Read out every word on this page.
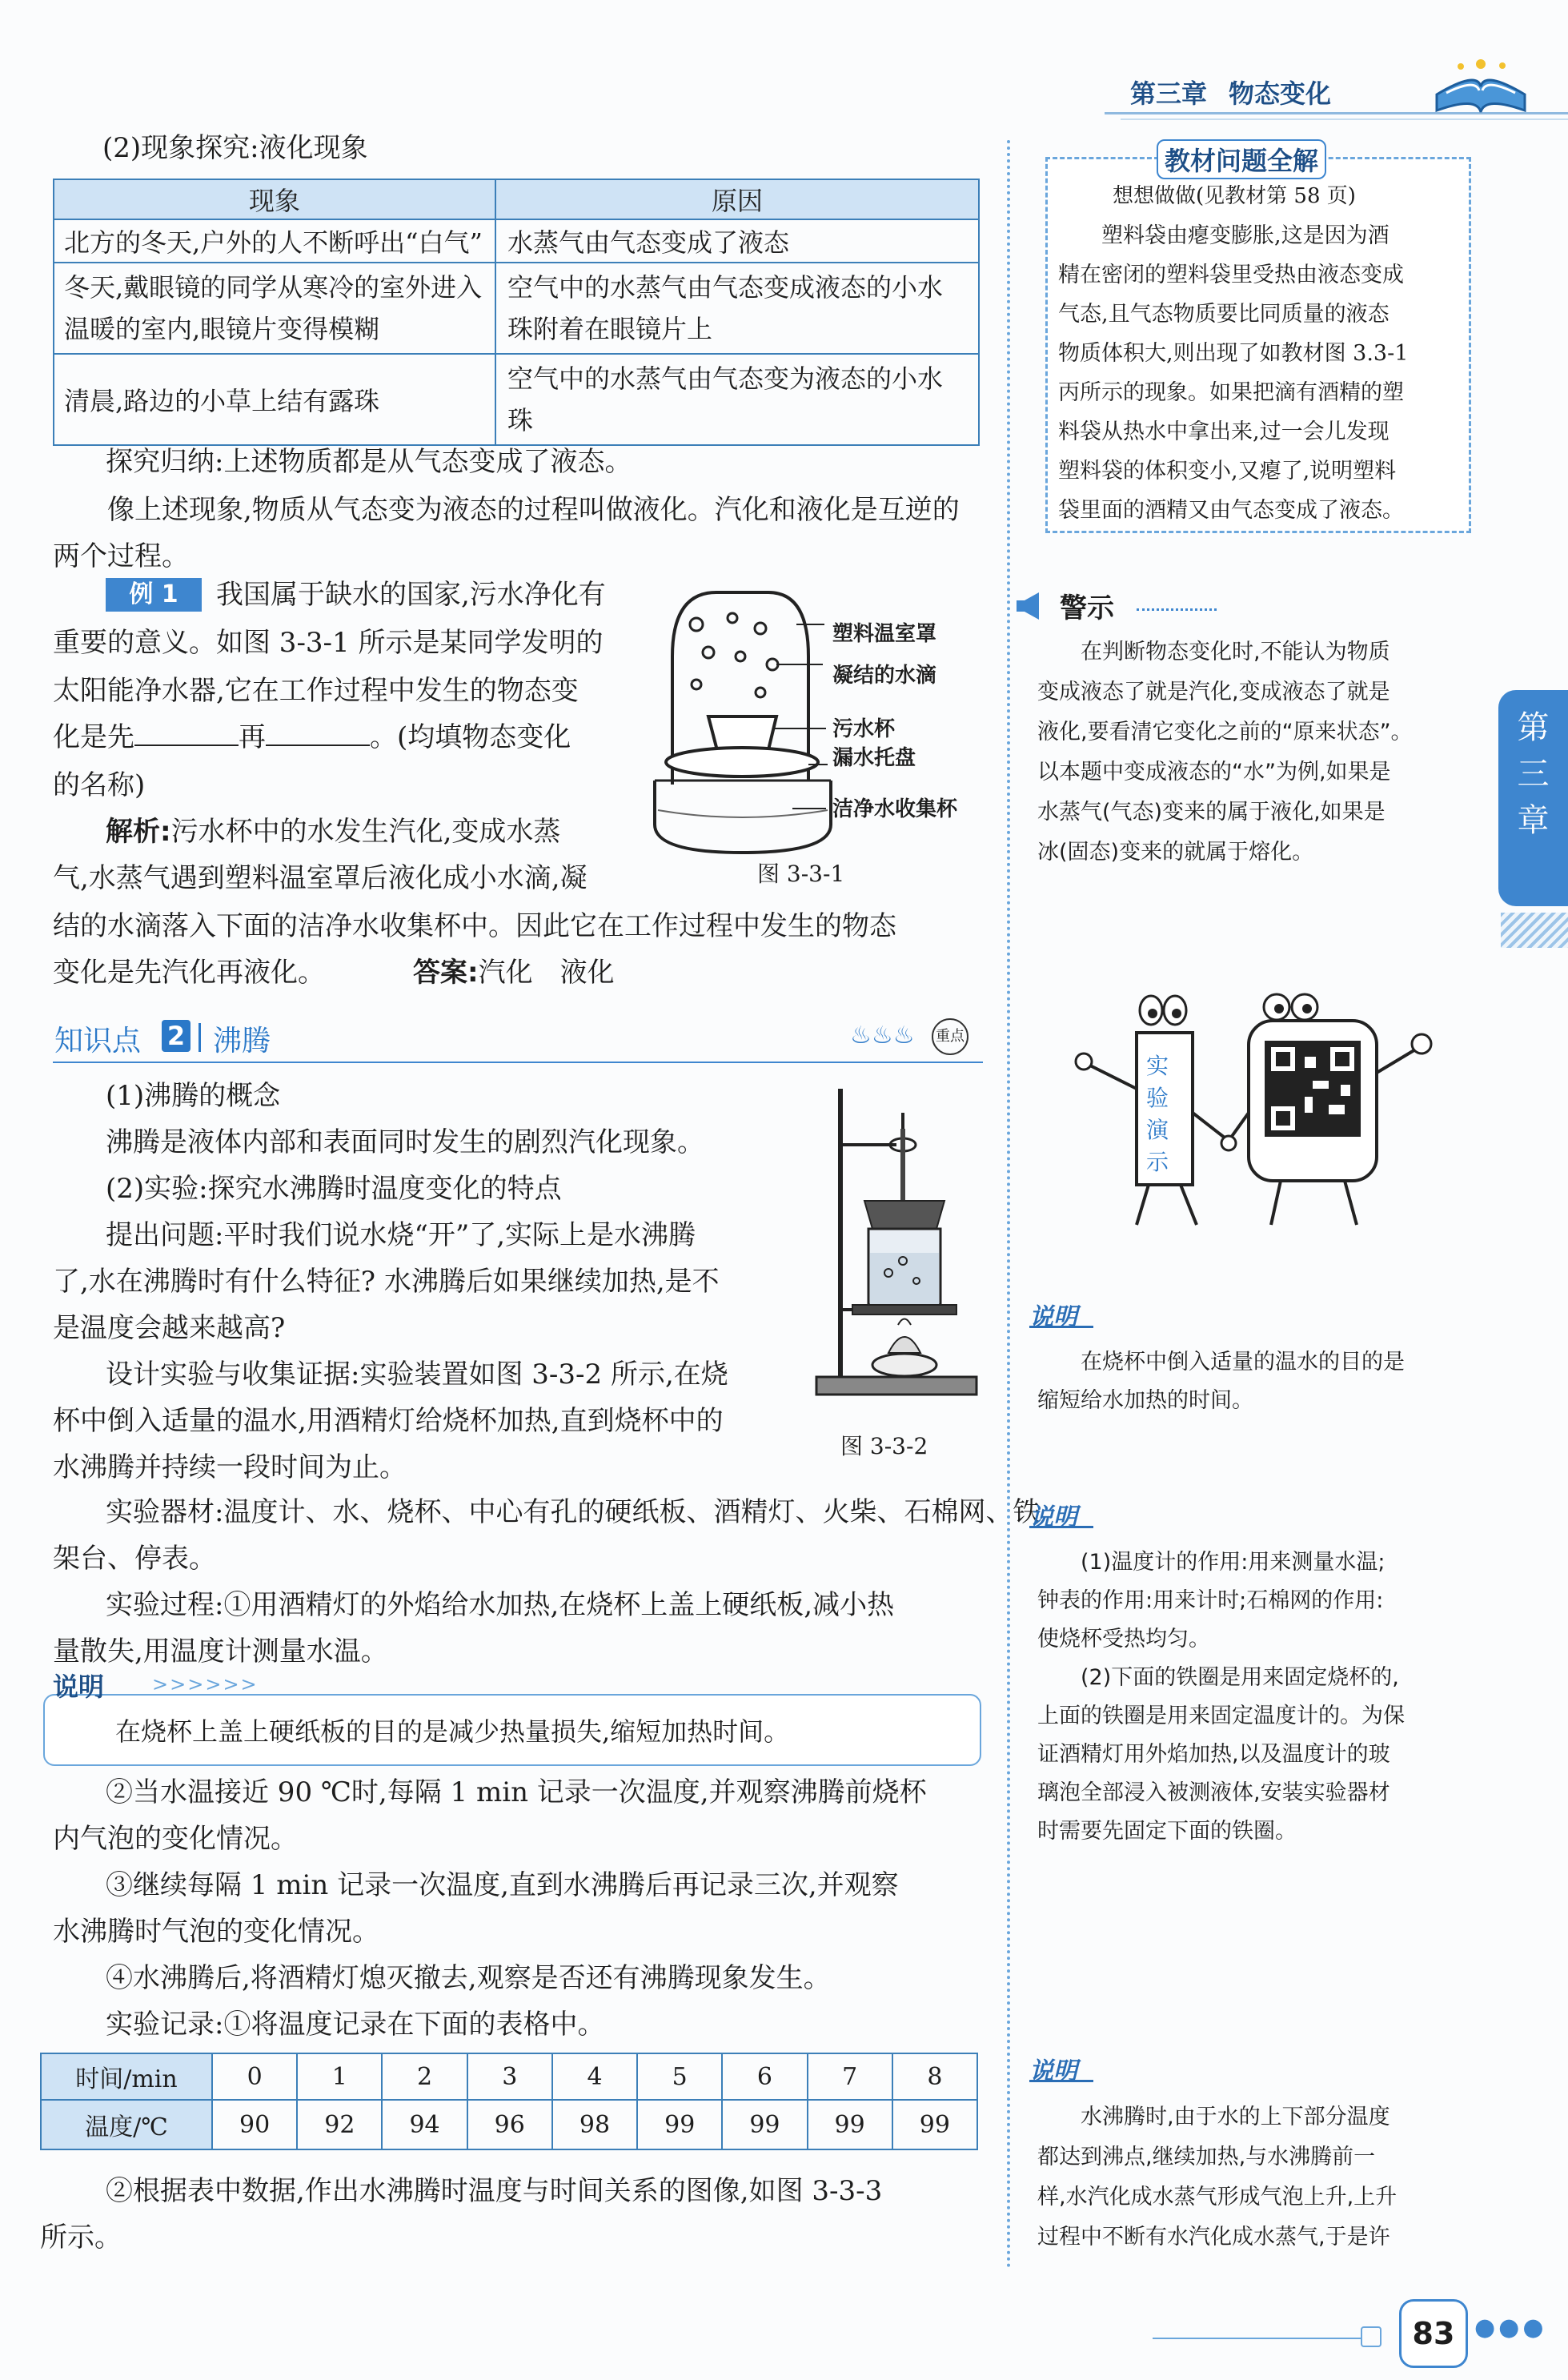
第三章 物态变化
第
三
章

(2)现象探究:液化现象

现象	原因
北方的冬天,户外的人不断呼出“白气”	水蒸气由气态变成了液态
冬天,戴眼镜的同学从寒冷的室外进入温暖的室内,眼镜片变得模糊	空气中的水蒸气由气态变成液态的小水珠附着在眼镜片上
清晨,路边的小草上结有露珠	空气中的水蒸气由气态变为液态的小水珠

探究归纳:上述物质都是从气态变成了液态。

像上述现象,物质从气态变为液态的过程叫做液化。汽化和液化是互逆的两个过程。

例 1	我国属于缺水的国家,污水净化有

重要的意义。如图 3-3-1 所示是某同学发明的

太阳能净水器,它在工作过程中发生的物态变

化是先	再	。(均填物态变化

的名称)

解析:污水杯中的水发生汽化,变成水蒸

气,水蒸气遇到塑料温室罩后液化成小水滴,凝

结的水滴落入下面的洁净水收集杯中。因此它在工作过程中发生的物态

变化是先汽化再液化。	答案:汽化　液化

塑料温室罩
凝结的水滴
污水杯
漏水托盘
洁净水收集杯
图 3-3-1
知识点 2 沸腾	♨♨♨ 重点

(1)沸腾的概念

沸腾是液体内部和表面同时发生的剧烈汽化现象。

(2)实验:探究水沸腾时温度变化的特点

提出问题:平时我们说水烧“开”了,实际上是水沸腾

了,水在沸腾时有什么特征? 水沸腾后如果继续加热,是不

是温度会越来越高?

设计实验与收集证据:实验装置如图 3-3-2 所示,在烧

杯中倒入适量的温水,用酒精灯给烧杯加热,直到烧杯中的

水沸腾并持续一段时间为止。

图 3-3-2

实验器材:温度计、水、烧杯、中心有孔的硬纸板、酒精灯、火柴、石棉网、铁

架台、停表。

实验过程:①用酒精灯的外焰给水加热,在烧杯上盖上硬纸板,减小热

量散失,用温度计测量水温。

说明 >>>>>>

在烧杯上盖上硬纸板的目的是减少热量损失,缩短加热时间。

②当水温接近 90 ℃时,每隔 1 min 记录一次温度,并观察沸腾前烧杯

内气泡的变化情况。

③继续每隔 1 min 记录一次温度,直到水沸腾后再记录三次,并观察

水沸腾时气泡的变化情况。

④水沸腾后,将酒精灯熄灭撤去,观察是否还有沸腾现象发生。

实验记录:①将温度记录在下面的表格中。

时间/min	0	1	2	3	4	5	6	7	8
温度/℃	90	92	94	96	98	99	99	99	99

②根据表中数据,作出水沸腾时温度与时间关系的图像,如图 3-3-3

所示。

教材问题全解
想想做做(见教材第 58 页)
塑料袋由瘪变膨胀,这是因为酒
精在密闭的塑料袋里受热由液态变成
气态,且气态物质要比同质量的液态
物质体积大,则出现了如教材图 3.3-1
丙所示的现象。如果把滴有酒精的塑
料袋从热水中拿出来,过一会儿发现
塑料袋的体积变小,又瘪了,说明塑料
袋里面的酒精又由气态变成了液态。
警示
在判断物态变化时,不能认为物质
变成液态了就是汽化,变成液态了就是
液化,要看清它变化之前的“原来状态”。
以本题中变成液态的“水”为例,如果是
水蒸气(气态)变来的属于液化,如果是
冰(固态)变来的就属于熔化。
实
验
演
示
说明
在烧杯中倒入适量的温水的目的是
缩短给水加热的时间。
说明
(1)温度计的作用:用来测量水温;
钟表的作用:用来计时;石棉网的作用:
使烧杯受热均匀。
(2)下面的铁圈是用来固定烧杯的,
上面的铁圈是用来固定温度计的。为保
证酒精灯用外焰加热,以及温度计的玻
璃泡全部浸入被测液体,安装实验器材
时需要先固定下面的铁圈。
说明
水沸腾时,由于水的上下部分温度
都达到沸点,继续加热,与水沸腾前一
样,水汽化成水蒸气形成气泡上升,上升
过程中不断有水汽化成水蒸气,于是许
83 ●●●
